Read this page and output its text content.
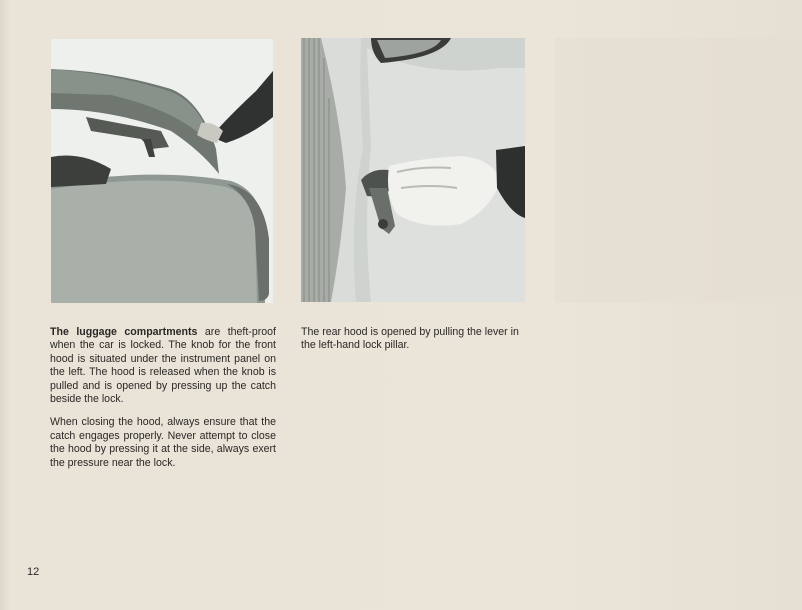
The luggage compartments are theft-proof when the car is locked. The knob for the front hood is situated under the instrument panel on the left. The hood is released when the knob is pulled and is opened by pressing up the catch beside the lock.

When closing the hood, always ensure that the catch engages properly. Never attempt to close the hood by pressing it at the side, always exert the pressure near the lock.

The rear hood is opened by pulling the lever in the left-hand lock pillar.

12
